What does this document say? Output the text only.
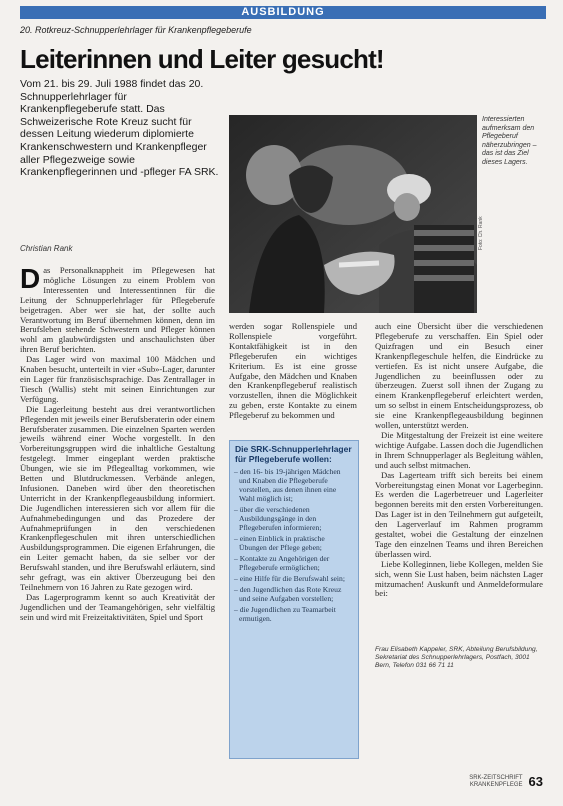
AUSBILDUNG
20. Rotkreuz-Schnupperlehrlager für Krankenpflegeberufe
Leiterinnen und Leiter gesucht!

Vom 21. bis 29. Juli 1988 findet das 20. Schnupperlehrlager für Krankenpflegeberufe statt. Das Schweizerische Rote Kreuz sucht für dessen Leitung wiederum diplomierte Krankenschwestern und Krankenpfleger aller Pflegezweige sowie Krankenpflegerinnen und -pfleger FA SRK.

Christian Rank

Interessierten aufmerksam den Pflegeberuf näherzubringen – das ist das Ziel dieses Lagers.

Foto: Ch. Rank

Das Personalknappheit im Pflegewesen hat mögliche Lösungen zu einem Problem von Interessenten und Interessentinnen für die Leitung der Schnupperlehrlager für Pflegeberufe beigetragen. Aber wer sie hat, der sollte auch Verantwortung im Beruf übernehmen können, denn im Berufsleben stehende Schwestern und Pfleger können wohl am glaubwürdigsten und anschaulichsten über ihren Beruf berichten.

Das Lager wird von maximal 100 Mädchen und Knaben besucht, unterteilt in vier «Sub»-Lager, darunter ein Lager für französischsprachige. Das Zentrallager in Tiesch (Wallis) steht mit seinen Einrichtungen zur Verfügung.

Die Lagerleitung besteht aus drei verantwortlichen Pflegenden mit jeweils einer Berufsberaterin oder einem Berufsberater zusammen. Die einzelnen Sparten werden jeweils während einer Woche vorgestellt. In den Vorbereitungsgruppen wird die inhaltliche Gestaltung festgelegt. Immer eingeplant werden praktische Übungen, wie sie im Pflegealltag vorkommen, wie Betten und Blutdruckmessen. Verbände anlegen, Infusionen. Daneben wird über den theoretischen Unterricht in der Krankenpflegeausbildung informiert. Die Jugendlichen interessieren sich vor allem für die Aufnahmebedingungen und das Prozedere der Aufnahmeprüfungen in den verschiedenen Krankenpflegeschulen mit ihren unterschiedlichen Ausbildungsprogrammen. Die eigenen Erfahrungen, die ein Leiter gemacht haben, da sie selber vor der Berufswahl standen, und ihre Berufswahl erläutern, sind sehr gefragt, was ein aktiver Überzeugung bei den Teilnehmern von 16 Jahren zu Rate gezogen wird.

Das Lagerprogramm kennt so auch Kreativität der Jugendlichen und der Teamangehörigen, sehr vielfältig sein und wird mit Freizeitaktivitäten, Spiel und Sport

werden sogar Rollenspiele und Rollenspiele vorgeführt. Kontaktfähigkeit ist in den Pflegeberufen ein wichtiges Kriterium. Es ist eine grosse Aufgabe, den Mädchen und Knaben den Krankenpflegeberuf realistisch vorzustellen, ihnen die Möglichkeit zu geben, erste Kontakte zu einem Pflegeberuf zu bekommen und

Die SRK-Schnupperlehrlager für Pflegeberufe wollen:
– den 16- bis 19-jährigen Mädchen und Knaben die Pflegeberufe vorstellen, aus denen ihnen eine Wahl möglich ist;
– über die verschiedenen Ausbildungsgänge in den Pflegeberufen informieren;
– einen Einblick in praktische Übungen der Pflege geben;
– Kontakte zu Angehörigen der Pflegeberufe ermöglichen;
– eine Hilfe für die Berufswahl sein;
– den Jugendlichen das Rote Kreuz und seine Aufgaben vorstellen;
– die Jugendlichen zu Teamarbeit ermutigen.

auch eine Übersicht über die verschiedenen Pflegeberufe zu verschaffen. Ein Spiel oder Quizfragen und ein Besuch einer Krankenpflegeschule helfen, die Eindrücke zu vertiefen. Es ist nicht unsere Aufgabe, die Jugendlichen zu beeinflussen oder zu überzeugen. Zuerst soll ihnen der Zugang zu einem Krankenpflegeberuf erleichtert werden, um so selbst in einem Entscheidungsprozess, ob sie eine Krankenpflegeausbildung beginnen wollen, unterstützt werden.

Die Mitgestaltung der Freizeit ist eine weitere wichtige Aufgabe. Lassen doch die Jugendlichen in Ihrem Schnupperlager als Begleitung wählen, und auch selbst mitmachen.

Das Lagerteam trifft sich bereits bei einem Vorbereitungstag einen Monat vor Lagerbeginn. Es werden die Lagerbetreuer und Lagerleiter begonnen bereits mit den ersten Vorbereitungen. Das Lager ist in den Teilnehmern gut aufgeteilt, den Lagerverlauf im Rahmen programm gestaltet, wobei die Gestaltung der einzelnen Tage den einzelnen Teams und ihren Bereichen überlassen wird.

Liebe Kolleginnen, liebe Kollegen, melden Sie sich, wenn Sie Lust haben, beim nächsten Lager mitzumachen! Auskunft und Anmeldeformulare bei:

Frau Elisabeth Kappeler, SRK, Abteilung Berufsbildung, Sekretariat des Schnupperlehrlagers, Postfach, 3001 Bern, Telefon 031 66 71 11

SRK-ZEITSCHRIFT
KRANKENPFLEGE 63
